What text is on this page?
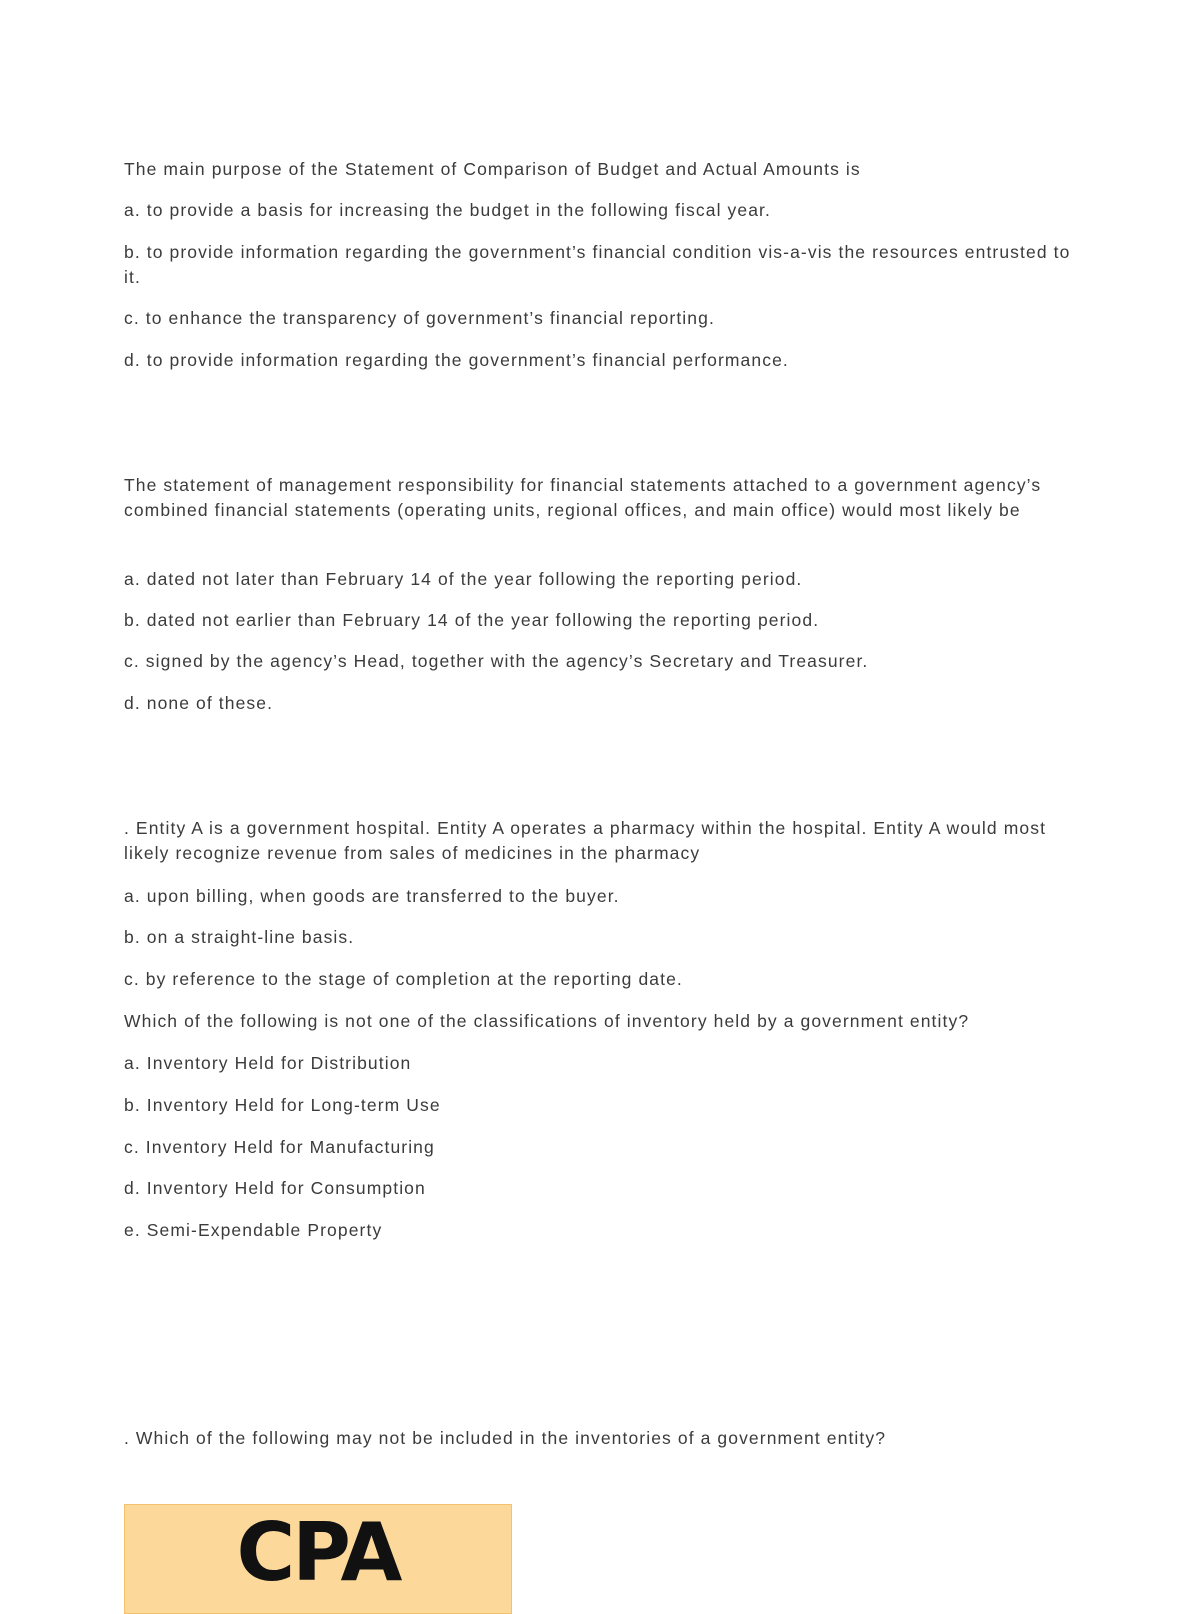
The main purpose of the Statement of Comparison of Budget and Actual Amounts is
a. to provide a basis for increasing the budget in the following fiscal year.
b. to provide information regarding the government’s financial condition vis-a-vis the resources entrusted to it.
c. to enhance the transparency of government’s financial reporting.
d. to provide information regarding the government’s financial performance.
The statement of management responsibility for financial statements attached to a government agency’s combined financial statements (operating units, regional offices, and main office) would most likely be
a. dated not later than February 14 of the year following the reporting period.
b. dated not earlier than February 14 of the year following the reporting period.
c. signed by the agency’s Head, together with the agency’s Secretary and Treasurer.
d. none of these.
. Entity A is a government hospital. Entity A operates a pharmacy within the hospital. Entity A would most likely recognize revenue from sales of medicines in the pharmacy
a. upon billing, when goods are transferred to the buyer.
b. on a straight-line basis.
c. by reference to the stage of completion at the reporting date.
Which of the following is not one of the classifications of inventory held by a government entity?
a. Inventory Held for Distribution
b. Inventory Held for Long-term Use
c. Inventory Held for Manufacturing
d. Inventory Held for Consumption
e. Semi-Expendable Property
. Which of the following may not be included in the inventories of a government entity?
CPA
